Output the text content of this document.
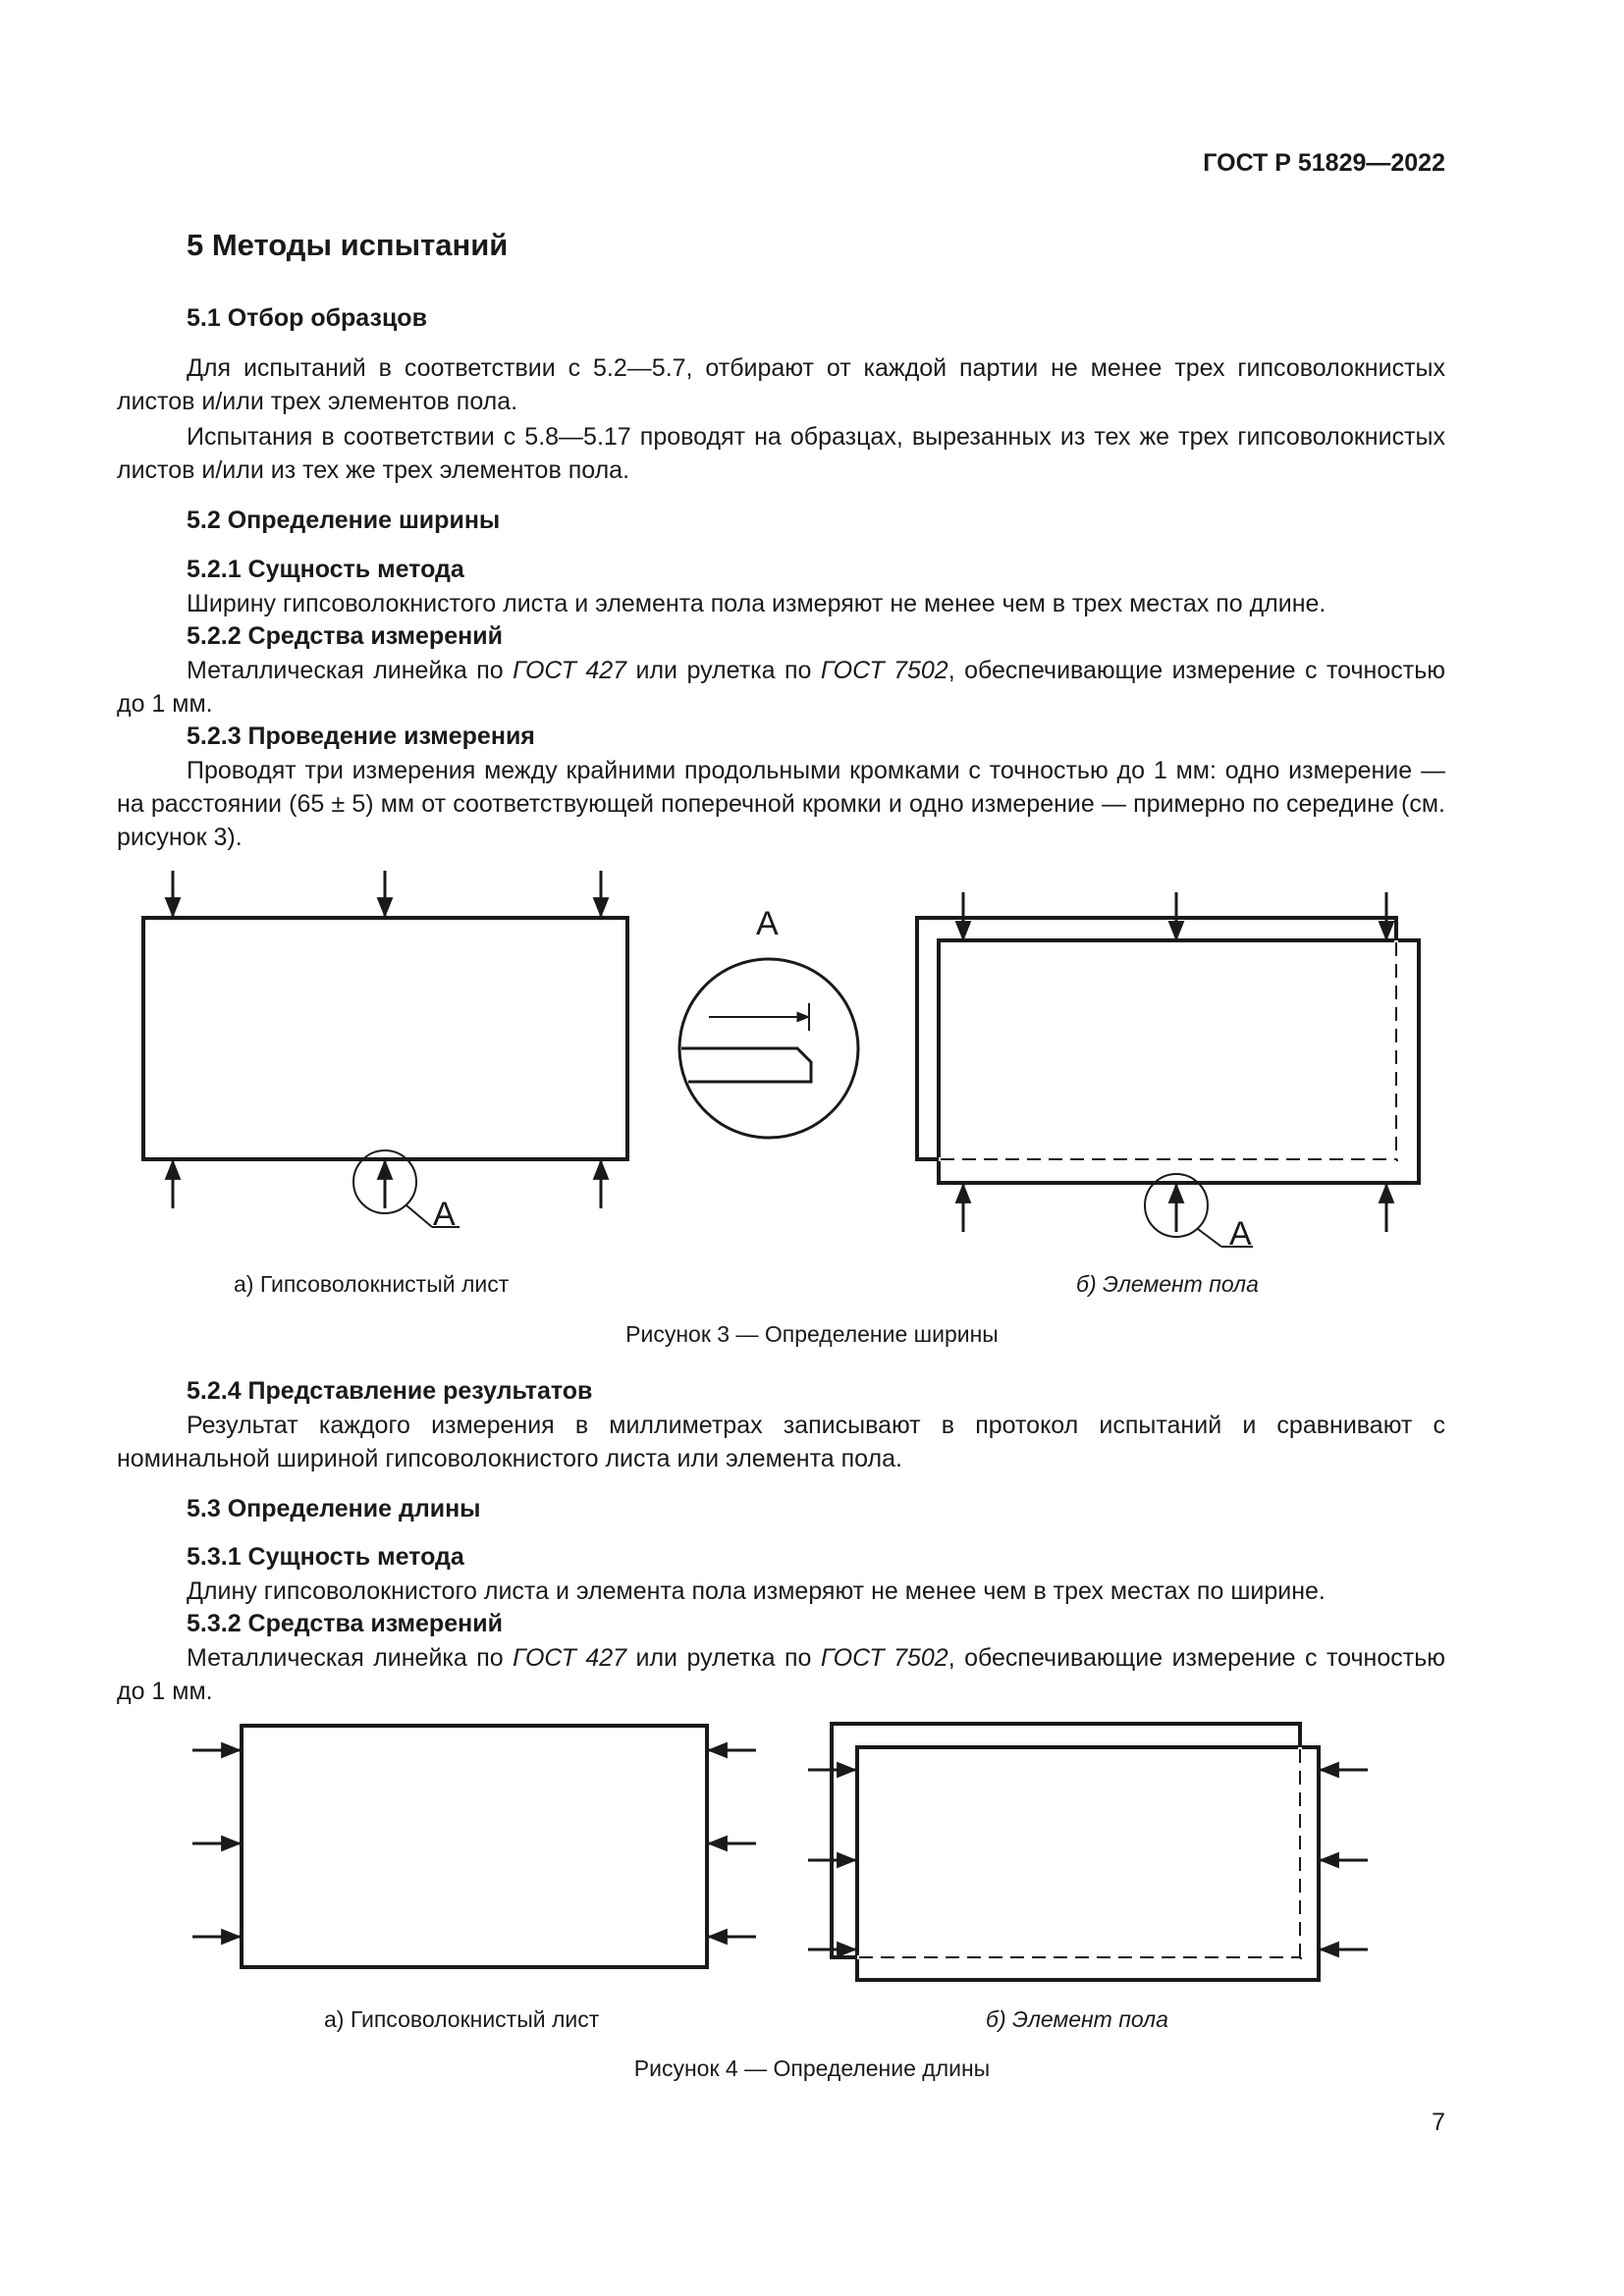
ГОСТ Р 51829—2022
5 Методы испытаний
5.1 Отбор образцов
Для испытаний в соответствии с 5.2—5.7, отбирают от каждой партии не менее трех гипсоволокнистых листов и/или трех элементов пола.
Испытания в соответствии с 5.8—5.17 проводят на образцах, вырезанных из тех же трех гипсоволокнистых листов и/или из тех же трех элементов пола.
5.2 Определение ширины
5.2.1 Сущность метода
Ширину гипсоволокнистого листа и элемента пола измеряют не менее чем в трех местах по длине.
5.2.2 Средства измерений
Металлическая линейка по ГОСТ 427 или рулетка по ГОСТ 7502, обеспечивающие измерение с точностью до 1 мм.
5.2.3 Проведение измерения
Проводят три измерения между крайними продольными кромками с точностью до 1 мм: одно измерение — на расстоянии (65 ± 5) мм от соответствующей поперечной кромки и одно измерение — примерно по середине (см. рисунок 3).
А
А
А
а) Гипсоволокнистый лист	б) Элемент пола
Рисунок 3 — Определение ширины
5.2.4 Представление результатов
Результат каждого измерения в миллиметрах записывают в протокол испытаний и сравнивают с номинальной шириной гипсоволокнистого листа или элемента пола.
5.3 Определение длины
5.3.1 Сущность метода
Длину гипсоволокнистого листа и элемента пола измеряют не менее чем в трех местах по ширине.
5.3.2 Средства измерений
Металлическая линейка по ГОСТ 427 или рулетка по ГОСТ 7502, обеспечивающие измерение с точностью до 1 мм.
а) Гипсоволокнистый лист	б) Элемент пола
Рисунок 4 — Определение длины
7
